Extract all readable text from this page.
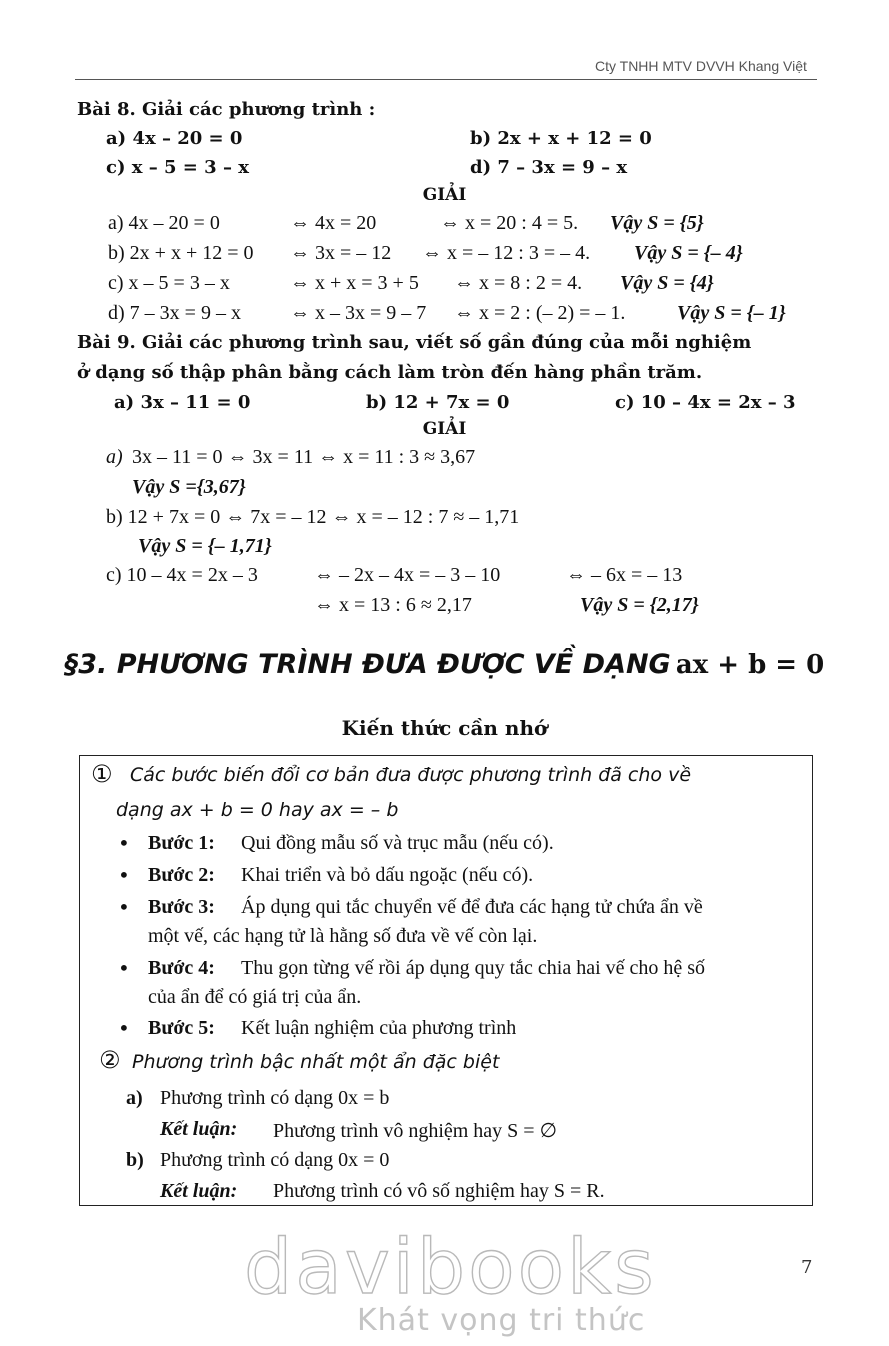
Cty TNHH MTV DVVH Khang Việt
Bài 8. Giải các phương trình :
a) 4x – 20 = 0	b) 2x + x + 12 = 0
c) x – 5 = 3 – x	d) 7 – 3x = 9 – x
GIẢI
a) 4x – 20 = 0	⇔ 4x = 20	⇔ x = 20 : 4 = 5. Vậy S = {5}
b) 2x + x + 12 = 0 ⇔ 3x = – 12 ⇔ x = – 12 : 3 = – 4. Vậy S = {– 4}
c) x – 5 = 3 – x	⇔ x + x = 3 + 5 ⇔ x = 8 : 2 = 4. Vậy S = {4}
d) 7 – 3x = 9 – x ⇔ x – 3x = 9 – 7 ⇔ x = 2 : (– 2) = – 1.	Vậy S = {– 1}
Bài 9. Giải các phương trình sau, viết số gần đúng của mỗi nghiệm
ở dạng số thập phân bằng cách làm tròn đến hàng phần trăm.
a) 3x – 11 = 0	b) 12 + 7x = 0	c) 10 – 4x = 2x – 3
GIẢI
a) 3x – 11 = 0 ⇔ 3x = 11 ⇔ x = 11 : 3 ≈ 3,67
Vậy S ={3,67}
b) 12 + 7x = 0 ⇔ 7x = – 12 ⇔ x = – 12 : 7 ≈ – 1,71
Vậy S = {– 1,71}
c) 10 – 4x = 2x – 3	⇔ – 2x – 4x = – 3 – 10	⇔ – 6x = – 13
⇔ x = 13 : 6 ≈ 2,17	Vậy S = {2,17}
§3. PHƯƠNG TRÌNH ĐƯA ĐƯỢC VỀ DẠNG ax + b = 0
Kiến thức cần nhớ
① Các bước biến đổi cơ bản đưa được phương trình đã cho về
dạng ax + b = 0 hay ax = – b
• Bước 1: Qui đồng mẫu số và trục mẫu (nếu có).
• Bước 2: Khai triển và bỏ dấu ngoặc (nếu có).
• Bước 3: Áp dụng qui tắc chuyển vế để đưa các hạng tử chứa ẩn về
một vế, các hạng tử là hằng số đưa về vế còn lại.
• Bước 4: Thu gọn từng vế rồi áp dụng quy tắc chia hai vế cho hệ số
của ẩn để có giá trị của ẩn.
• Bước 5: Kết luận nghiệm của phương trình
② Phương trình bậc nhất một ẩn đặc biệt
a) Phương trình có dạng 0x = b
Kết luận: Phương trình vô nghiệm hay S = ∅
b) Phương trình có dạng 0x = 0
Kết luận: Phương trình có vô số nghiệm hay S = R.
davibooks
Khát vọng tri thức
7
